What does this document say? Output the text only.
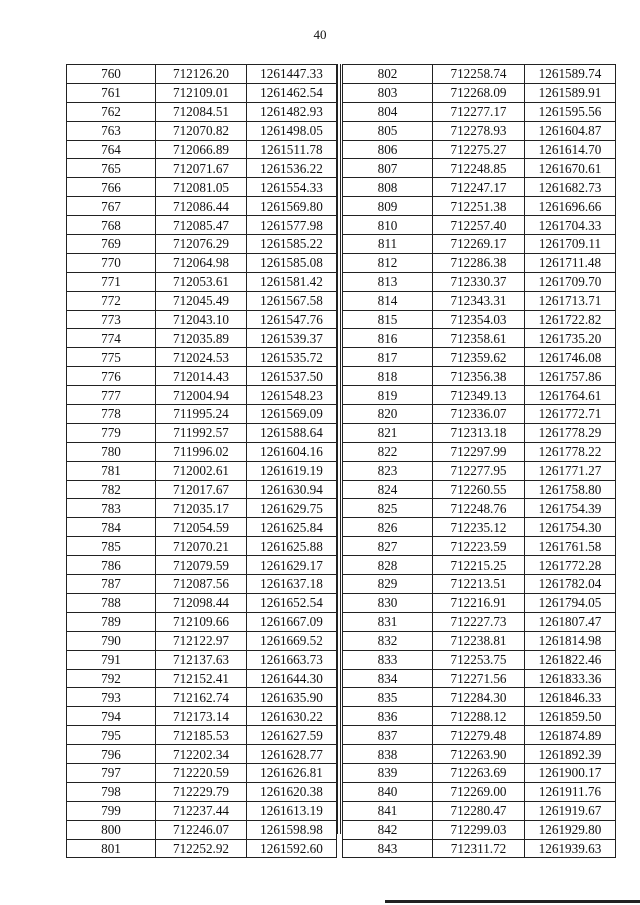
40
760	712126.20	1261447.33
761	712109.01	1261462.54
762	712084.51	1261482.93
763	712070.82	1261498.05
764	712066.89	1261511.78
765	712071.67	1261536.22
766	712081.05	1261554.33
767	712086.44	1261569.80
768	712085.47	1261577.98
769	712076.29	1261585.22
770	712064.98	1261585.08
771	712053.61	1261581.42
772	712045.49	1261567.58
773	712043.10	1261547.76
774	712035.89	1261539.37
775	712024.53	1261535.72
776	712014.43	1261537.50
777	712004.94	1261548.23
778	711995.24	1261569.09
779	711992.57	1261588.64
780	711996.02	1261604.16
781	712002.61	1261619.19
782	712017.67	1261630.94
783	712035.17	1261629.75
784	712054.59	1261625.84
785	712070.21	1261625.88
786	712079.59	1261629.17
787	712087.56	1261637.18
788	712098.44	1261652.54
789	712109.66	1261667.09
790	712122.97	1261669.52
791	712137.63	1261663.73
792	712152.41	1261644.30
793	712162.74	1261635.90
794	712173.14	1261630.22
795	712185.53	1261627.59
796	712202.34	1261628.77
797	712220.59	1261626.81
798	712229.79	1261620.38
799	712237.44	1261613.19
800	712246.07	1261598.98
801	712252.92	1261592.60
802	712258.74	1261589.74
803	712268.09	1261589.91
804	712277.17	1261595.56
805	712278.93	1261604.87
806	712275.27	1261614.70
807	712248.85	1261670.61
808	712247.17	1261682.73
809	712251.38	1261696.66
810	712257.40	1261704.33
811	712269.17	1261709.11
812	712286.38	1261711.48
813	712330.37	1261709.70
814	712343.31	1261713.71
815	712354.03	1261722.82
816	712358.61	1261735.20
817	712359.62	1261746.08
818	712356.38	1261757.86
819	712349.13	1261764.61
820	712336.07	1261772.71
821	712313.18	1261778.29
822	712297.99	1261778.22
823	712277.95	1261771.27
824	712260.55	1261758.80
825	712248.76	1261754.39
826	712235.12	1261754.30
827	712223.59	1261761.58
828	712215.25	1261772.28
829	712213.51	1261782.04
830	712216.91	1261794.05
831	712227.73	1261807.47
832	712238.81	1261814.98
833	712253.75	1261822.46
834	712271.56	1261833.36
835	712284.30	1261846.33
836	712288.12	1261859.50
837	712279.48	1261874.89
838	712263.90	1261892.39
839	712263.69	1261900.17
840	712269.00	1261911.76
841	712280.47	1261919.67
842	712299.03	1261929.80
843	712311.72	1261939.63
